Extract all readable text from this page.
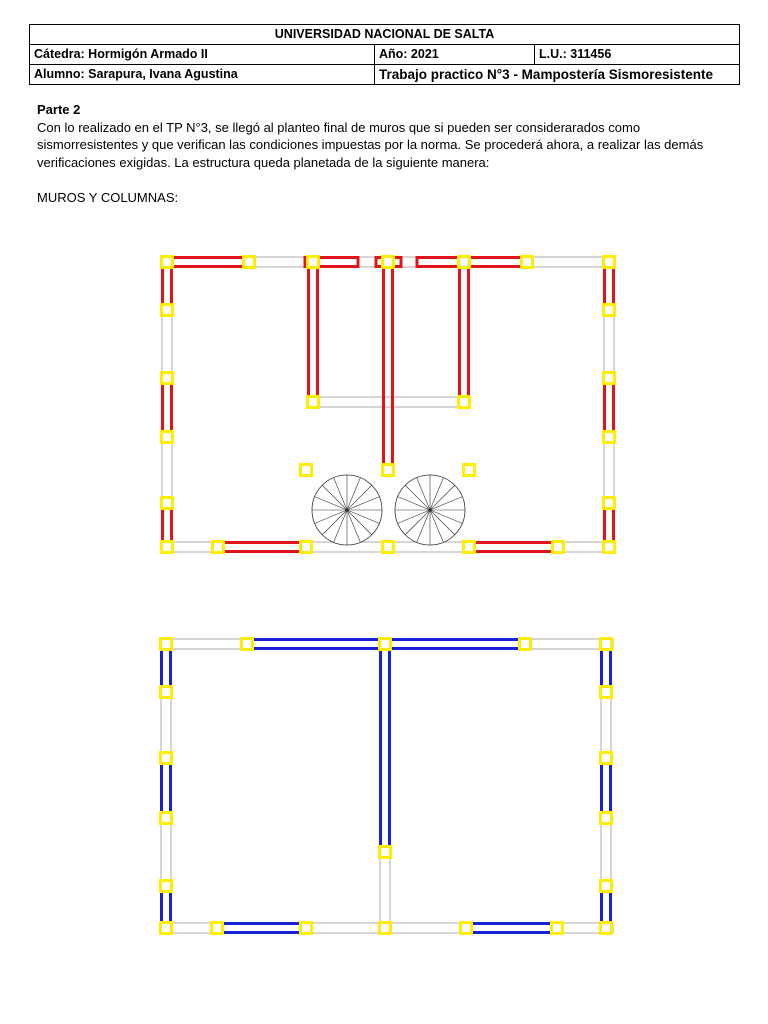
UNIVERSIDAD NACIONAL DE SALTA		
Cátedra: Hormigón Armado II	Año: 2021	L.U.: 311456
Alumno: Sarapura, Ivana Agustina	Trabajo practico N°3 - Mampostería Sismoresistente	
Parte 2
Con lo realizado en el TP N°3, se llegó al planteo final de muros que si pueden ser considerarados como
sismorresistentes y que verifican las condiciones impuestas por la norma. Se procederá ahora, a realizar las demás
verificaciones exigidas. La estructura queda planetada de la siguiente manera:
MUROS Y COLUMNAS:
